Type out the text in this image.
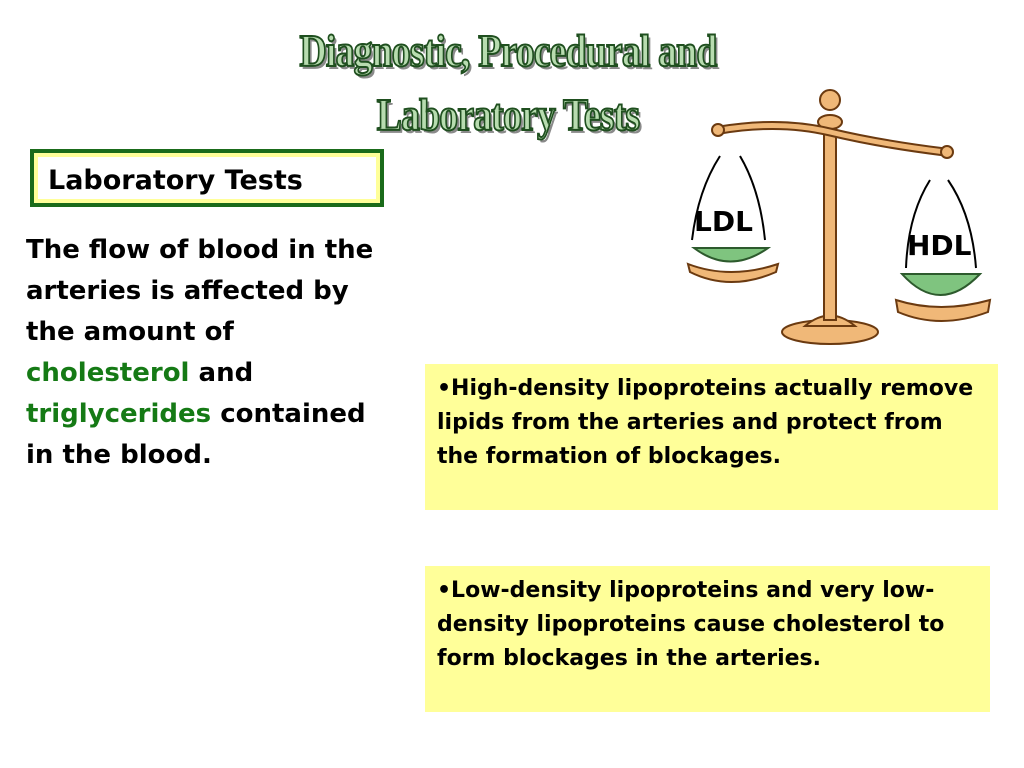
Diagnostic, Procedural and
Laboratory Tests
Laboratory Tests
The flow of blood in the arteries is affected by the amount of cholesterol and triglycerides contained in the blood.
LDL
HDL
•High-density lipoproteins actually remove lipids from the arteries and protect from the formation of blockages.
•Low-density lipoproteins and very low-density lipoproteins cause cholesterol to form blockages in the arteries.
